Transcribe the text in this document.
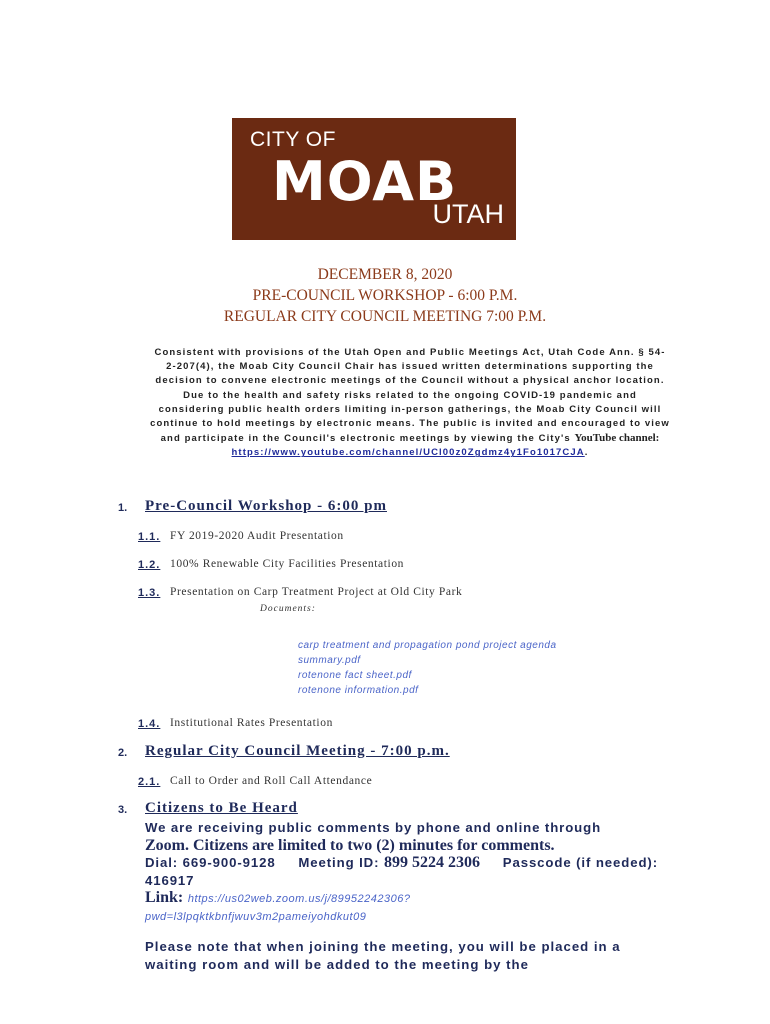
CITY OF
MOAB
UTAH
DECEMBER 8, 2020
PRE-COUNCIL WORKSHOP - 6:00 P.M.
REGULAR CITY COUNCIL MEETING 7:00 P.M.
Consistent with provisions of the Utah Open and Public Meetings Act, Utah Code Ann. § 54-2-207(4), the Moab City Council Chair has issued written determinations supporting the decision to convene electronic meetings of the Council without a physical anchor location. Due to the health and safety risks related to the ongoing COVID-19 pandemic and considering public health orders limiting in-person gatherings, the Moab City Council will continue to hold meetings by electronic means. The public is invited and encouraged to view and participate in the Council's electronic meetings by viewing the City's YouTube channel:
https://www.youtube.com/channel/UCl00z0Zgdmz4y1Fo1017CJA.
1. Pre-Council Workshop - 6:00 pm
1.1. FY 2019-2020 Audit Presentation
1.2. 100% Renewable City Facilities Presentation
1.3. Presentation on Carp Treatment Project at Old City Park
Documents:
carp treatment and propagation pond project agenda
summary.pdf
rotenone fact sheet.pdf
rotenone information.pdf
1.4. Institutional Rates Presentation
2. Regular City Council Meeting - 7:00 p.m.
2.1. Call to Order and Roll Call Attendance
3. Citizens to Be Heard
We are receiving public comments by phone and online through
Zoom. Citizens are limited to two (2) minutes for comments.
Dial: 669-900-9128 Meeting ID: 899 5224 2306 Passcode (if needed): 416917
Link: https://us02web.zoom.us/j/89952242306?
pwd=l3lpqktkbnfjwuv3m2pameiyohdkut09
Please note that when joining the meeting, you will be placed in a waiting room and will be added to the meeting by the
